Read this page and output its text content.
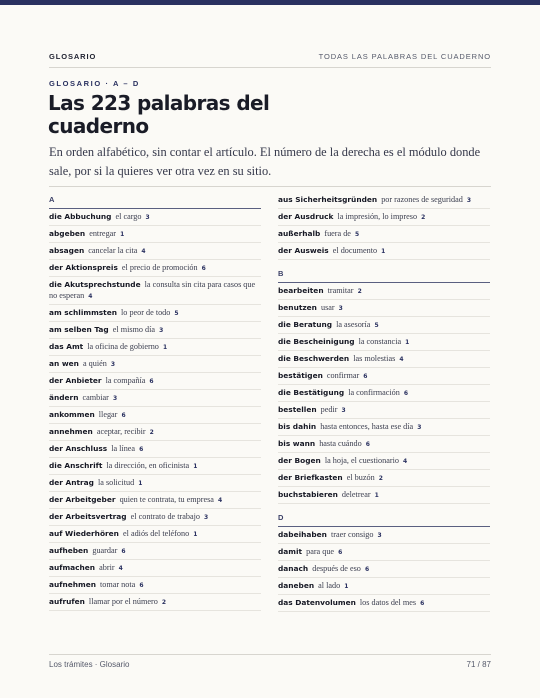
GLOSARIO	TODAS LAS PALABRAS DEL CUADERNO
GLOSARIO · A – D
Las 223 palabras del cuaderno

En orden alfabético, sin contar el artículo. El número de la derecha es el módulo donde sale, por si la quieres ver otra vez en su sitio.

A
die Abbuchung el cargo 3
abgeben entregar 1
absagen cancelar la cita 4
der Aktionspreis el precio de promoción 6
die Akutsprechstunde la consulta sin cita para casos que no esperan 4
am schlimmsten lo peor de todo 5
am selben Tag el mismo día 3
das Amt la oficina de gobierno 1
an wen a quién 3
der Anbieter la compañía 6
ändern cambiar 3
ankommen llegar 6
annehmen aceptar, recibir 2
der Anschluss la línea 6
die Anschrift la dirección, en oficinista 1
der Antrag la solicitud 1
der Arbeitgeber quien te contrata, tu empresa 4
der Arbeitsvertrag el contrato de trabajo 3
auf Wiederhören el adiós del teléfono 1
aufheben guardar 6
aufmachen abrir 4
aufnehmen tomar nota 6
aufrufen llamar por el número 2
aus Sicherheitsgründen por razones de seguridad 3
der Ausdruck la impresión, lo impreso 2
außerhalb fuera de 5
der Ausweis el documento 1
B
bearbeiten tramitar 2
benutzen usar 3
die Beratung la asesoría 5
die Bescheinigung la constancia 1
die Beschwerden las molestias 4
bestätigen confirmar 6
die Bestätigung la confirmación 6
bestellen pedir 3
bis dahin hasta entonces, hasta ese día 3
bis wann hasta cuándo 6
der Bogen la hoja, el cuestionario 4
der Briefkasten el buzón 2
buchstabieren deletrear 1
D
dabeihaben traer consigo 3
damit para que 6
danach después de eso 6
daneben al lado 1
das Datenvolumen los datos del mes 6
Los trámites · Glosario	71 / 87
